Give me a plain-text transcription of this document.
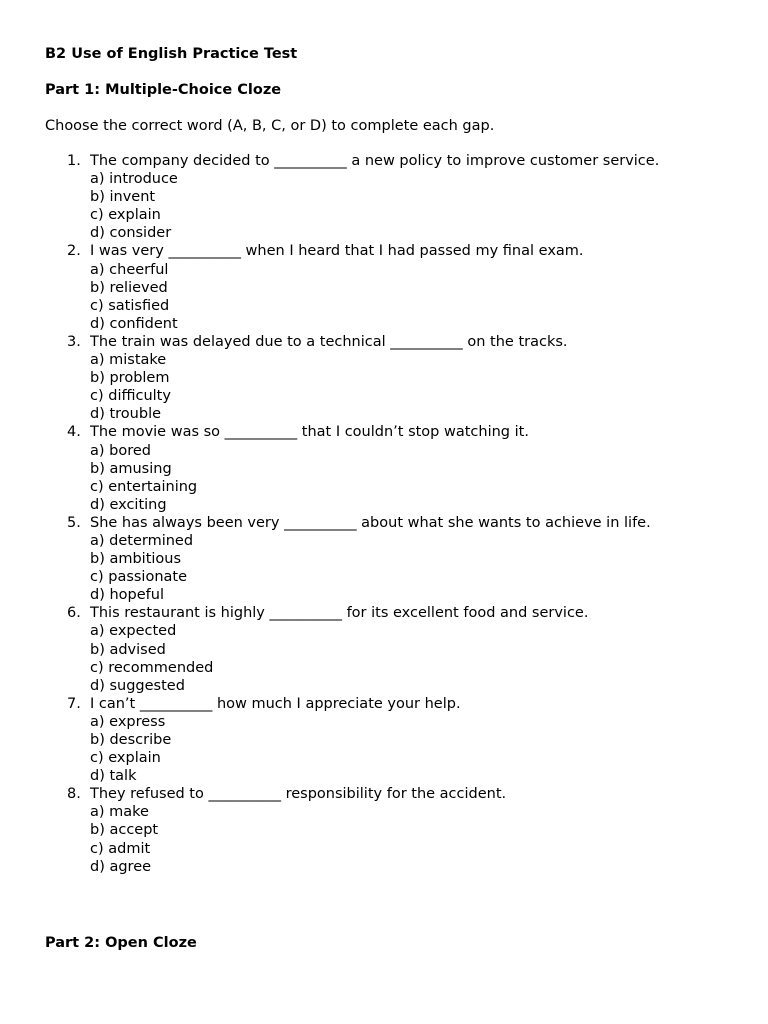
B2 Use of English Practice Test
Part 1: Multiple-Choice Cloze
Choose the correct word (A, B, C, or D) to complete each gap.
1. The company decided to __________ a new policy to improve customer service.
a) introduce
b) invent
c) explain
d) consider
2. I was very __________ when I heard that I had passed my final exam.
a) cheerful
b) relieved
c) satisfied
d) confident
3. The train was delayed due to a technical __________ on the tracks.
a) mistake
b) problem
c) difficulty
d) trouble
4. The movie was so __________ that I couldn’t stop watching it.
a) bored
b) amusing
c) entertaining
d) exciting
5. She has always been very __________ about what she wants to achieve in life.
a) determined
b) ambitious
c) passionate
d) hopeful
6. This restaurant is highly __________ for its excellent food and service.
a) expected
b) advised
c) recommended
d) suggested
7. I can’t __________ how much I appreciate your help.
a) express
b) describe
c) explain
d) talk
8. They refused to __________ responsibility for the accident.
a) make
b) accept
c) admit
d) agree
Part 2: Open Cloze
